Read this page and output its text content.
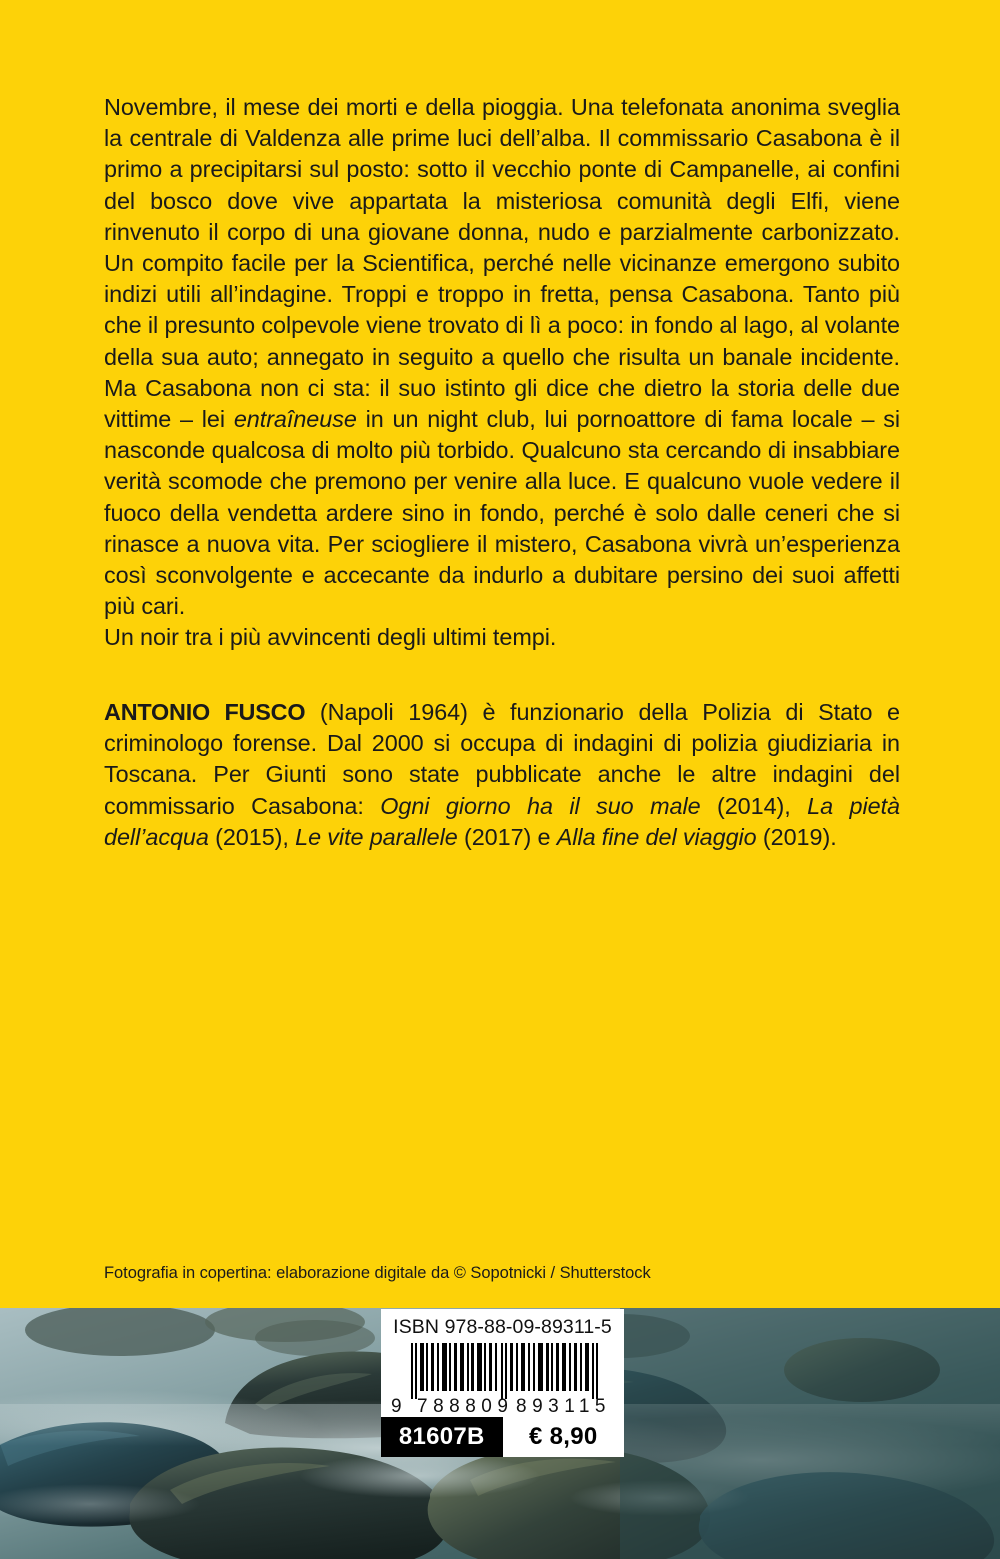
Novembre, il mese dei morti e della pioggia. Una telefonata anonima sveglia la centrale di Valdenza alle prime luci dell’alba. Il commissario Casabona è il primo a precipitarsi sul posto: sotto il vecchio ponte di Campanelle, ai confini del bosco dove vive appartata la misteriosa comunità degli Elfi, viene rinvenuto il corpo di una giovane donna, nudo e parzialmente carbonizzato. Un compito facile per la Scientifica, perché nelle vicinanze emergono subito indizi utili all’indagine. Troppi e troppo in fretta, pensa Casabona. Tanto più che il presunto colpevole viene trovato di lì a poco: in fondo al lago, al volante della sua auto; annegato in seguito a quello che risulta un banale incidente. Ma Casabona non ci sta: il suo istinto gli dice che dietro la storia delle due vittime – lei entraîneuse in un night club, lui pornoattore di fama locale – si nasconde qualcosa di molto più torbido. Qualcuno sta cercando di insabbiare verità scomode che premono per venire alla luce. E qualcuno vuole vedere il fuoco della vendetta ardere sino in fondo, perché è solo dalle ceneri che si rinasce a nuova vita. Per sciogliere il mistero, Casabona vivrà un’esperienza così sconvolgente e accecante da indurlo a dubitare persino dei suoi affetti più cari.
Un noir tra i più avvincenti degli ultimi tempi.

ANTONIO FUSCO (Napoli 1964) è funzionario della Polizia di Stato e criminologo forense. Dal 2000 si occupa di indagini di polizia giudiziaria in Toscana. Per Giunti sono state pubblicate anche le altre indagini del commissario Casabona: Ogni giorno ha il suo male (2014), La pietà dell’acqua (2015), Le vite parallele (2017) e Alla fine del viaggio (2019).

Fotografia in copertina: elaborazione digitale da © Sopotnicki / Shutterstock
ISBN 978-88-09-89311-5
9 788809 893115
81607B	€ 8,90
